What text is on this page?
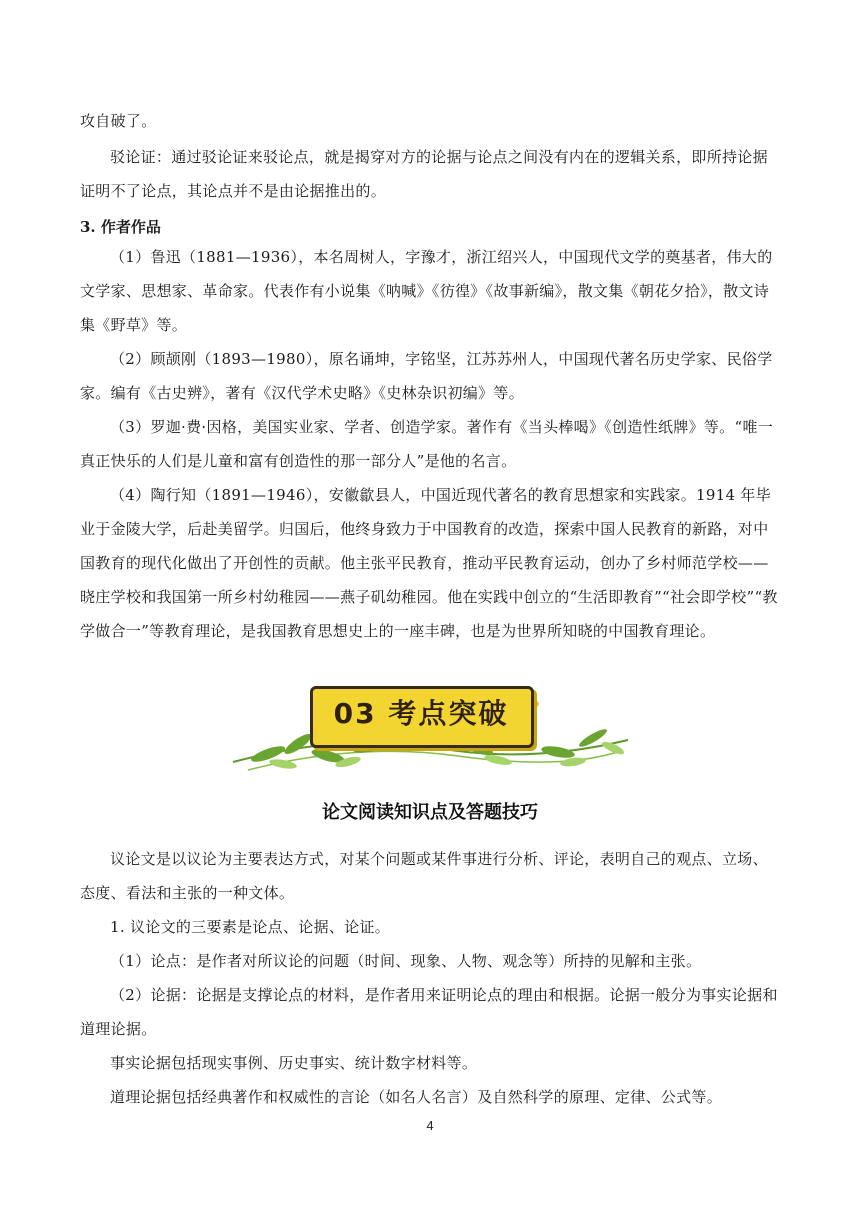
攻自破了。

驳论证：通过驳论证来驳论点，就是揭穿对方的论据与论点之间没有内在的逻辑关系，即所持论据证明不了论点，其论点并不是由论据推出的。

3. 作者作品

（1）鲁迅（1881—1936），本名周树人，字豫才，浙江绍兴人，中国现代文学的奠基者，伟大的文学家、思想家、革命家。代表作有小说集《呐喊》《彷徨》《故事新编》，散文集《朝花夕拾》，散文诗集《野草》等。

（2）顾颉刚（1893—1980），原名诵坤，字铭坚，江苏苏州人，中国现代著名历史学家、民俗学家。编有《古史辨》，著有《汉代学术史略》《史林杂识初编》等。

（3）罗迦·费·因格，美国实业家、学者、创造学家。著作有《当头棒喝》《创造性纸牌》等。“唯一真正快乐的人们是儿童和富有创造性的那一部分人”是他的名言。

（4）陶行知（1891—1946），安徽歙县人，中国近现代著名的教育思想家和实践家。1914 年毕业于金陵大学，后赴美留学。归国后，他终身致力于中国教育的改造，探索中国人民教育的新路，对中国教育的现代化做出了开创性的贡献。他主张平民教育，推动平民教育运动，创办了乡村师范学校——晓庄学校和我国第一所乡村幼稚园——燕子矶幼稚园。他在实践中创立的“生活即教育”“社会即学校”“教学做合一”等教育理论，是我国教育思想史上的一座丰碑，也是为世界所知晓的中国教育理论。

03 考点突破
论文阅读知识点及答题技巧

议论文是以议论为主要表达方式，对某个问题或某件事进行分析、评论，表明自己的观点、立场、态度、看法和主张的一种文体。

1. 议论文的三要素是论点、论据、论证。

（1）论点：是作者对所议论的问题（时间、现象、人物、观念等）所持的见解和主张。

（2）论据：论据是支撑论点的材料，是作者用来证明论点的理由和根据。论据一般分为事实论据和道理论据。

事实论据包括现实事例、历史事实、统计数字材料等。

道理论据包括经典著作和权威性的言论（如名人名言）及自然科学的原理、定律、公式等。

4
